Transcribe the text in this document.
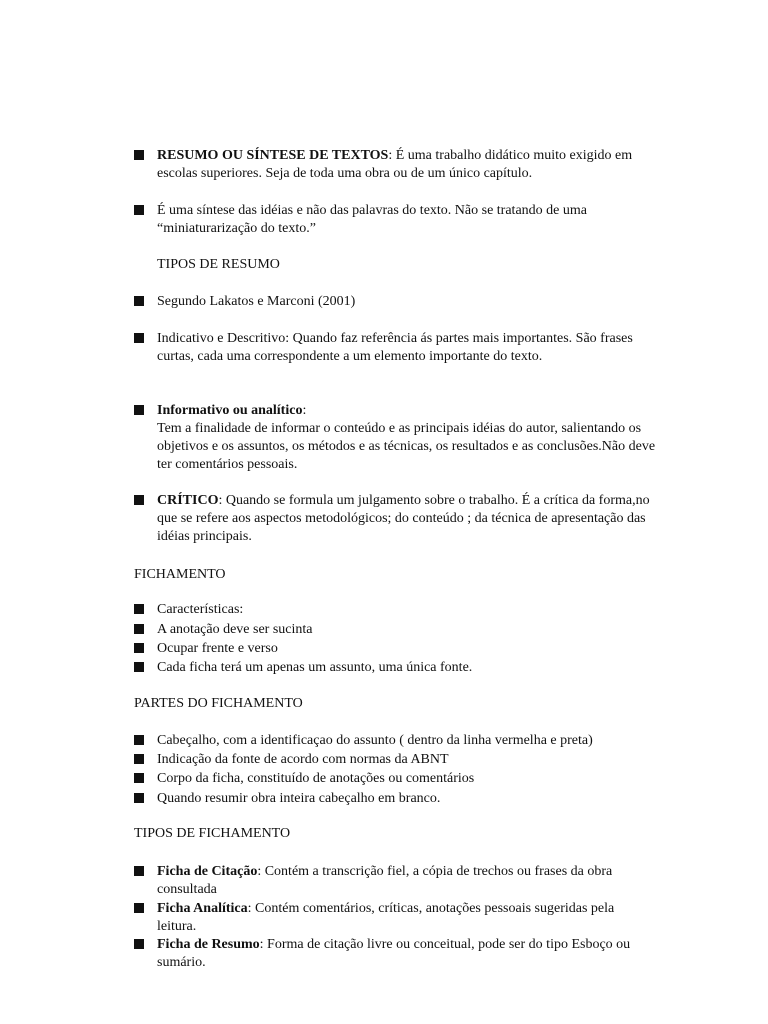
RESUMO OU SÍNTESE DE TEXTOS: É uma trabalho didático muito exigido em escolas superiores. Seja de toda uma obra ou de um único capítulo.
É uma síntese das idéias e não das palavras do texto. Não se tratando de uma “miniaturarização do texto.”
TIPOS DE RESUMO
Segundo Lakatos e Marconi (2001)
Indicativo e Descritivo: Quando faz referência ás partes mais importantes. São frases curtas, cada uma correspondente a um elemento importante do texto.
Informativo ou analítico:
Tem a finalidade de informar o conteúdo e as principais idéias do autor, salientando os objetivos e os assuntos, os métodos e as técnicas, os resultados e as conclusões.Não deve ter comentários pessoais.
CRÍTICO: Quando se formula um julgamento sobre o trabalho. É a crítica da forma,no que se refere aos aspectos metodológicos; do conteúdo ; da técnica de apresentação das idéias principais.
FICHAMENTO
Características:
A anotação deve ser sucinta
Ocupar frente e verso
Cada ficha terá um apenas um assunto, uma única fonte.
PARTES DO FICHAMENTO
Cabeçalho, com a identificaçao do assunto ( dentro da linha vermelha e preta)
Indicação da fonte de acordo com normas da ABNT
Corpo da ficha, constituído de anotações ou comentários
Quando resumir obra inteira cabeçalho em branco.
TIPOS DE FICHAMENTO
Ficha de Citação: Contém a transcrição fiel, a cópia de trechos ou frases da obra consultada
Ficha Analítica: Contém comentários, críticas, anotações pessoais sugeridas pela leitura.
Ficha de Resumo: Forma de citação livre ou conceitual, pode ser do tipo Esboço ou sumário.
